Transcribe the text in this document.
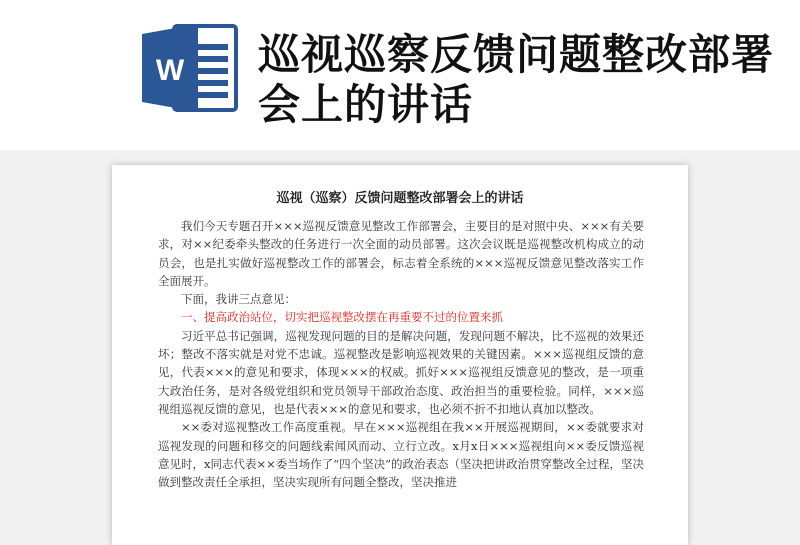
W 巡视巡察反馈问题整改部署会上的讲话
巡视（巡察）反馈问题整改部署会上的讲话

我们今天专题召开×××巡视反馈意见整改工作部署会，主要目的是对照中央、×××有关要求，对××纪委牵头整改的任务进行一次全面的动员部署。这次会议既是巡视整改机构成立的动员会，也是扎实做好巡视整改工作的部署会，标志着全系统的×××巡视反馈意见整改落实工作全面展开。

下面，我讲三点意见：

一、提高政治站位，切实把巡视整改摆在再重要不过的位置来抓

习近平总书记强调，巡视发现问题的目的是解决问题，发现问题不解决，比不巡视的效果还坏；整改不落实就是对党不忠诚。巡视整改是影响巡视效果的关键因素。×××巡视组反馈的意见，代表×××的意见和要求，体现×××的权威。抓好×××巡视组反馈意见的整改，是一项重大政治任务，是对各级党组织和党员领导干部政治态度、政治担当的重要检验。同样，×××巡视组巡视反馈的意见，也是代表×××的意见和要求，也必须不折不扣地认真加以整改。

××委对巡视整改工作高度重视。早在×××巡视组在我××开展巡视期间，××委就要求对巡视发现的问题和移交的问题线索闻风而动、立行立改。x月x日×××巡视组向××委反馈巡视意见时，x同志代表××委当场作了“四个坚决”的政治表态（坚决把讲政治贯穿整改全过程，坚决做到整改责任全承担，坚决实现所有问题全整改，坚决推进
